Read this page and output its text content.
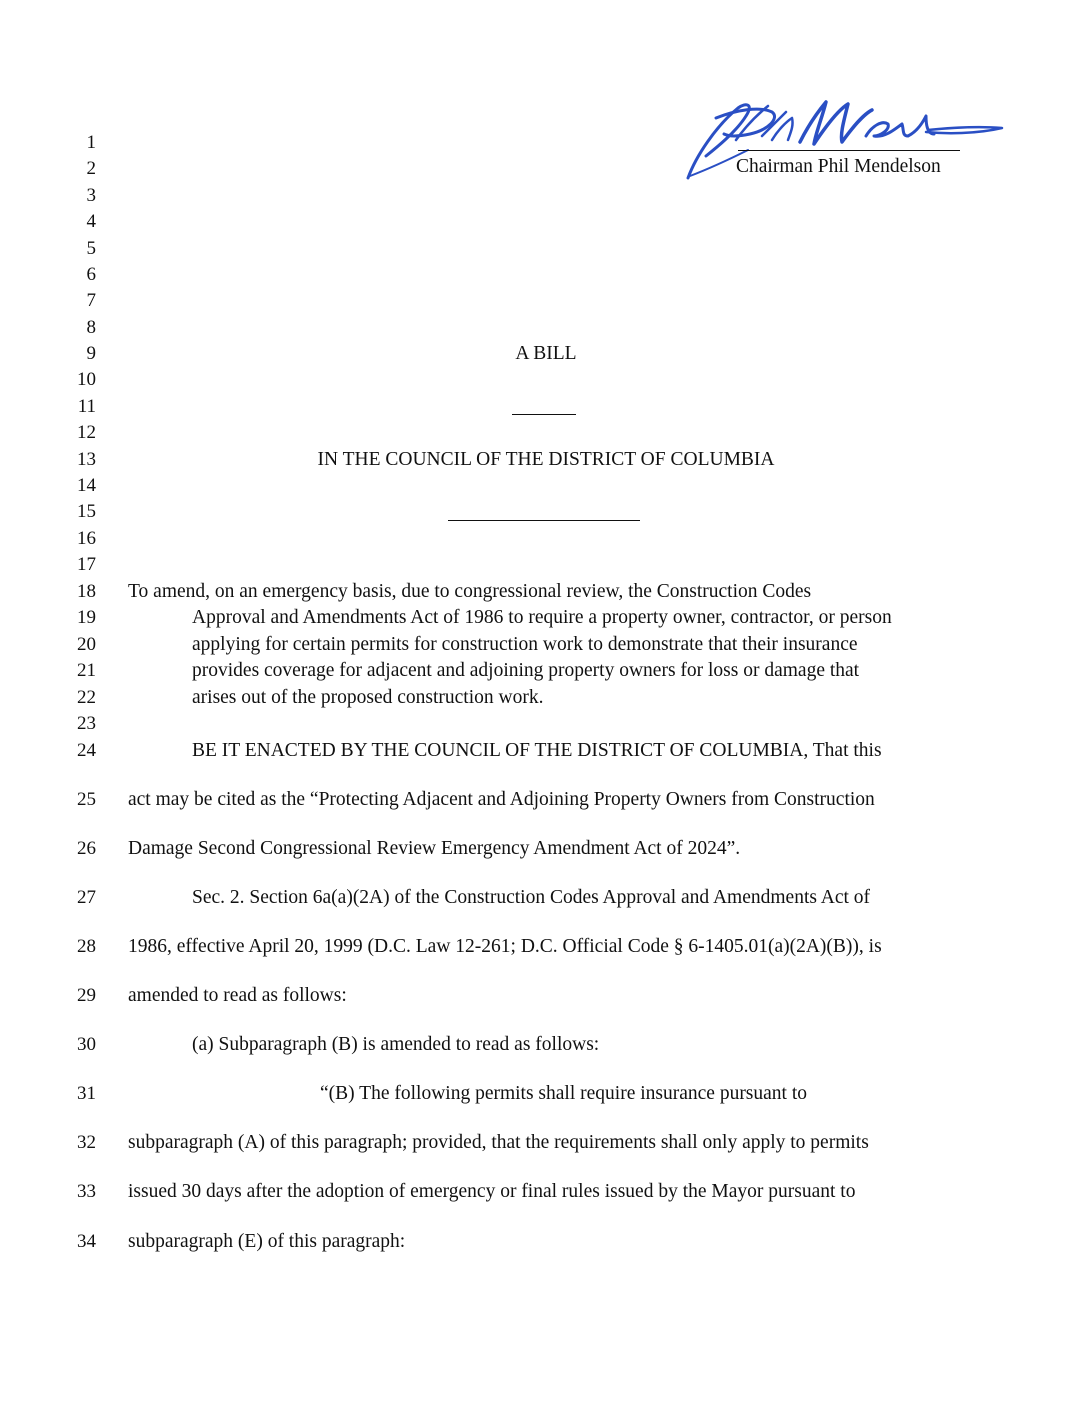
Chairman Phil Mendelson
1
2
3
4
5
6
7
8
9
10
11
12
13
14
15
16
17
18
19
20
21
22
23
24
25
26
27
28
29
30
31
32
33
34
A BILL
IN THE COUNCIL OF THE DISTRICT OF COLUMBIA
To amend, on an emergency basis, due to congressional review, the Construction Codes
Approval and Amendments Act of 1986 to require a property owner, contractor, or person
applying for certain permits for construction work to demonstrate that their insurance
provides coverage for adjacent and adjoining property owners for loss or damage that
arises out of the proposed construction work.
BE IT ENACTED BY THE COUNCIL OF THE DISTRICT OF COLUMBIA, That this
act may be cited as the “Protecting Adjacent and Adjoining Property Owners from Construction
Damage Second Congressional Review Emergency Amendment Act of 2024”.
Sec. 2. Section 6a(a)(2A) of the Construction Codes Approval and Amendments Act of
1986, effective April 20, 1999 (D.C. Law 12-261; D.C. Official Code § 6-1405.01(a)(2A)(B)), is
amended to read as follows:
(a) Subparagraph (B) is amended to read as follows:
“(B) The following permits shall require insurance pursuant to
subparagraph (A) of this paragraph; provided, that the requirements shall only apply to permits
issued 30 days after the adoption of emergency or final rules issued by the Mayor pursuant to
subparagraph (E) of this paragraph:
